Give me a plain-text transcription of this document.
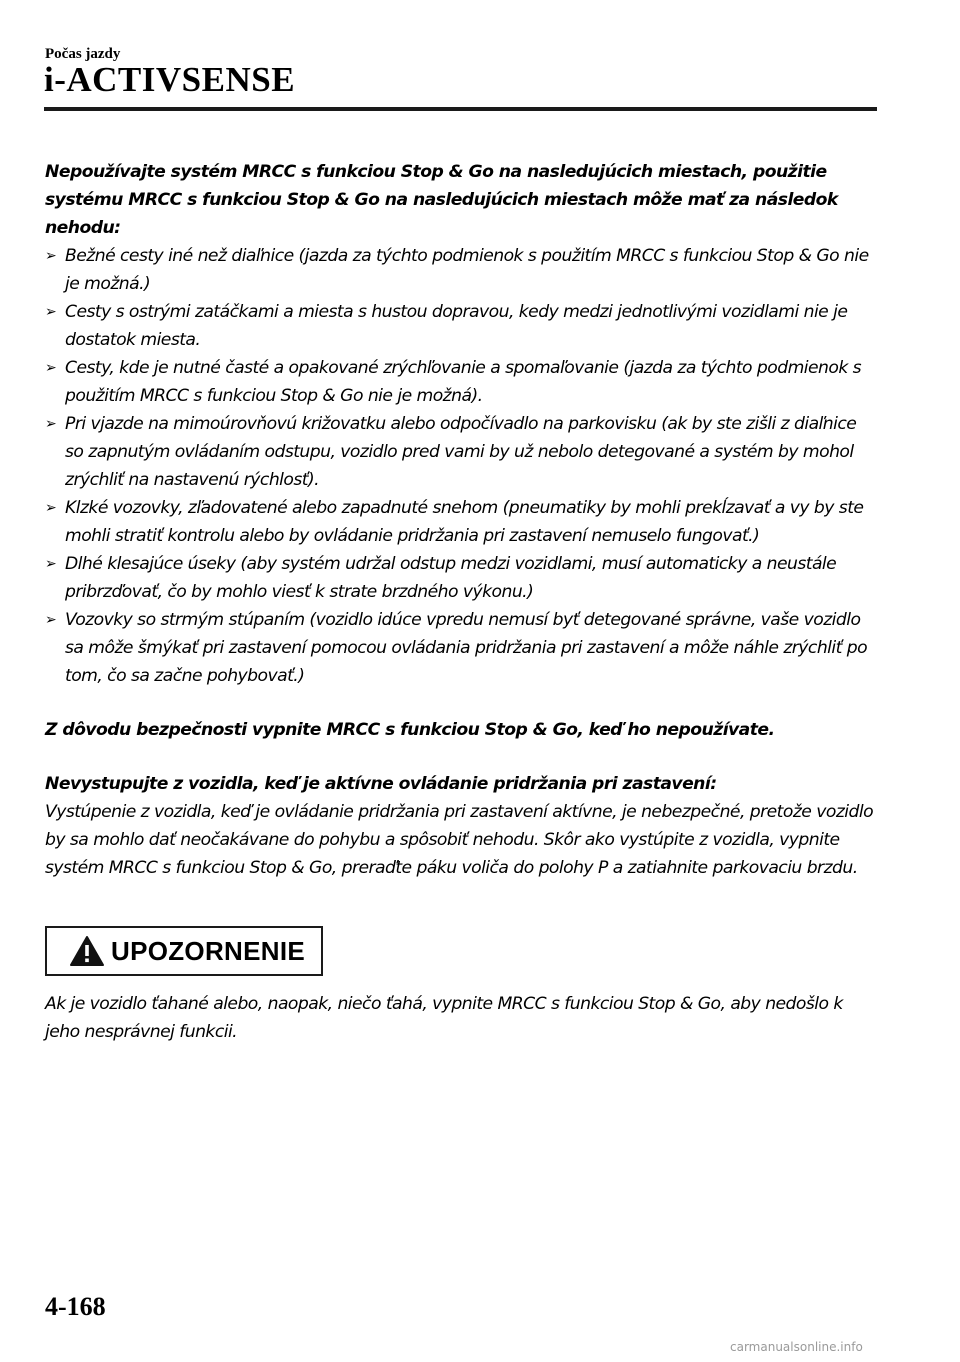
Počas jazdy
i-ACTIVSENSE

Nepoužívajte systém MRCC s funkciou Stop & Go na nasledujúcich miestach, použitie systému MRCC s funkciou Stop & Go na nasledujúcich miestach môže mať za následok nehodu:

➢ Bežné cesty iné než diaľnice (jazda za týchto podmienok s použitím MRCC s funkciou Stop & Go nie je možná.)
➢ Cesty s ostrými zatáčkami a miesta s hustou dopravou, kedy medzi jednotlivými vozidlami nie je dostatok miesta.
➢ Cesty, kde je nutné časté a opakované zrýchľovanie a spomaľovanie (jazda za týchto podmienok s použitím MRCC s funkciou Stop & Go nie je možná).
➢ Pri vjazde na mimoúrovňovú križovatku alebo odpočívadlo na parkovisku (ak by ste zišli z diaľnice so zapnutým ovládaním odstupu, vozidlo pred vami by už nebolo detegované a systém by mohol zrýchliť na nastavenú rýchlosť).
➢ Klzké vozovky, zľadovatené alebo zapadnuté snehom (pneumatiky by mohli prekĺzavať a vy by ste mohli stratiť kontrolu alebo by ovládanie pridržania pri zastavení nemuselo fungovať.)
➢ Dlhé klesajúce úseky (aby systém udržal odstup medzi vozidlami, musí automaticky a neustále pribrzďovať, čo by mohlo viesť k strate brzdného výkonu.)
➢ Vozovky so strmým stúpaním (vozidlo idúce vpredu nemusí byť detegované správne, vaše vozidlo sa môže šmýkať pri zastavení pomocou ovládania pridržania pri zastavení a môže náhle zrýchliť po tom, čo sa začne pohybovať.)

Z dôvodu bezpečnosti vypnite MRCC s funkciou Stop & Go, keď ho nepoužívate.

Nevystupujte z vozidla, keď je aktívne ovládanie pridržania pri zastavení:

Vystúpenie z vozidla, keď je ovládanie pridržania pri zastavení aktívne, je nebezpečné, pretože vozidlo by sa mohlo dať neočakávane do pohybu a spôsobiť nehodu. Skôr ako vystúpite z vozidla, vypnite systém MRCC s funkciou Stop & Go, preraďte páku voliča do polohy P a zatiahnite parkovaciu brzdu.

UPOZORNENIE
Ak je vozidlo ťahané alebo, naopak, niečo ťahá, vypnite MRCC s funkciou Stop & Go, aby nedošlo k jeho nesprávnej funkcii.
4-168
carmanualsonline.info
